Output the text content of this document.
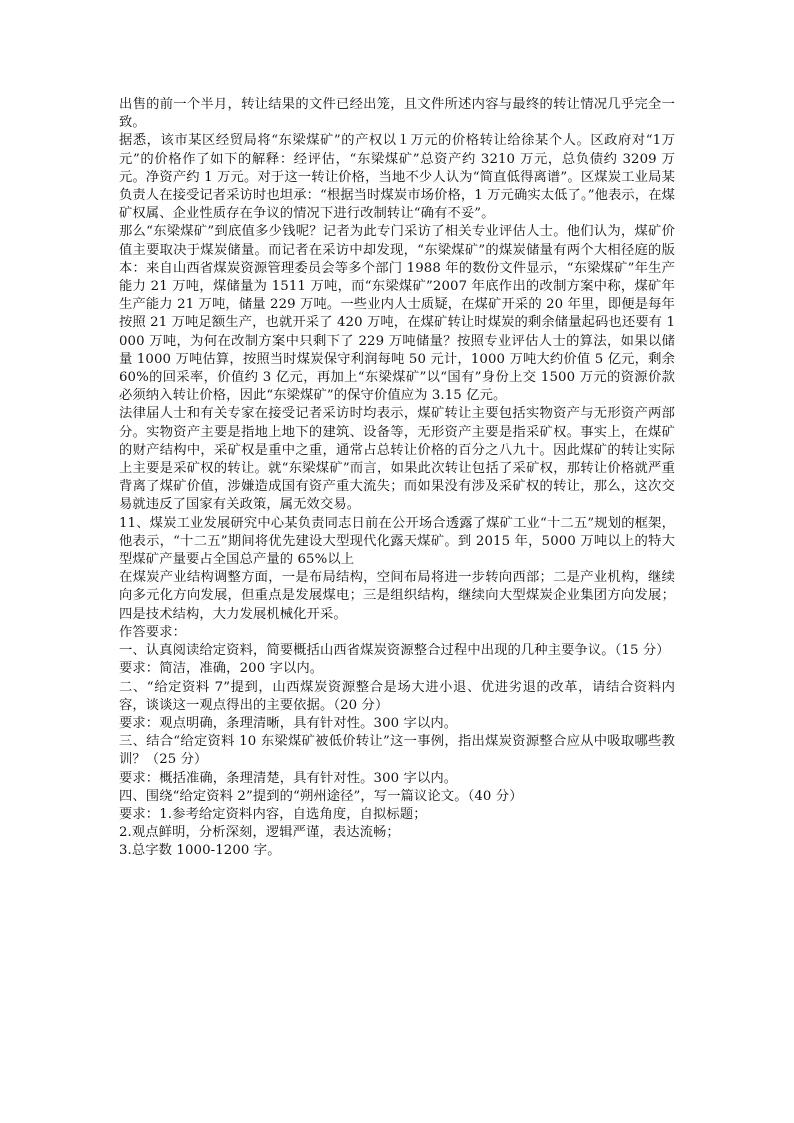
出售的前一个半月，转让结果的文件已经出笼，且文件所述内容与最终的转让情况几乎完全一致。

据悉，该市某区经贸局将“东梁煤矿”的产权以１万元的价格转让给徐某个人。区政府对“1万元”的价格作了如下的解释：经评估，“东梁煤矿”总资产约 3210 万元，总负债约 3209 万元。净资产约 1 万元。对于这一转让价格，当地不少人认为“简直低得离谱”。区煤炭工业局某负责人在接受记者采访时也坦承：“根据当时煤炭市场价格，1 万元确实太低了。”他表示，在煤矿权属、企业性质存在争议的情况下进行改制转让“确有不妥”。

那么“东梁煤矿”到底值多少钱呢？记者为此专门采访了相关专业评估人士。他们认为，煤矿价值主要取决于煤炭储量。而记者在采访中却发现，“东梁煤矿”的煤炭储量有两个大相径庭的版本：来自山西省煤炭资源管理委员会等多个部门 1988 年的数份文件显示，“东梁煤矿”年生产能力 21 万吨，煤储量为 1511 万吨，而“东梁煤矿”2007 年底作出的改制方案中称，煤矿年生产能力 21 万吨，储量 229 万吨。一些业内人士质疑，在煤矿开采的 20 年里，即便是每年按照 21 万吨足额生产，也就开采了 420 万吨，在煤矿转让时煤炭的剩余储量起码也还要有 1000 万吨，为何在改制方案中只剩下了 229 万吨储量？按照专业评估人士的算法，如果以储量 1000 万吨估算，按照当时煤炭保守利润每吨 50 元计，1000 万吨大约价值 5 亿元，剩余 60%的回采率，价值约 3 亿元，再加上“东梁煤矿”以“国有”身份上交 1500 万元的资源价款必须纳入转让价格，因此“东梁煤矿”的保守价值应为 3.15 亿元。

法律届人士和有关专家在接受记者采访时均表示，煤矿转让主要包括实物资产与无形资产两部分。实物资产主要是指地上地下的建筑、设备等，无形资产主要是指采矿权。事实上，在煤矿的财产结构中，采矿权是重中之重，通常占总转让价格的百分之八九十。因此煤矿的转让实际上主要是采矿权的转让。就“东梁煤矿”而言，如果此次转让包括了采矿权，那转让价格就严重背离了煤矿价值，涉嫌造成国有资产重大流失；而如果没有涉及采矿权的转让，那么，这次交易就违反了国家有关政策，属无效交易。

11、煤炭工业发展研究中心某负责同志日前在公开场合透露了煤矿工业“十二五”规划的框架，他表示，“十二五”期间将优先建设大型现代化露天煤矿。到 2015 年，5000 万吨以上的特大型煤矿产量要占全国总产量的 65%以上

在煤炭产业结构调整方面，一是布局结构，空间布局将进一步转向西部；二是产业机构，继续向多元化方向发展，但重点是发展煤电；三是组织结构，继续向大型煤炭企业集团方向发展；四是技术结构，大力发展机械化开采。

作答要求：

一、认真阅读给定资料，简要概括山西省煤炭资源整合过程中出现的几种主要争议。（15 分）

要求：简洁，准确，200 字以内。

二、“给定资料 7”提到，山西煤炭资源整合是场大进小退、优进劣退的改革，请结合资料内容，谈谈这一观点得出的主要依据。（20 分）

要求：观点明确，条理清晰，具有针对性。300 字以内。

三、结合“给定资料 10 东梁煤矿被低价转让”这一事例，指出煤炭资源整合应从中吸取哪些教训？（25 分）

要求：概括准确，条理清楚，具有针对性。300 字以内。

四、围绕“给定资料 2”提到的“朔州途径”，写一篇议论文。（40 分）

要求：1.参考给定资料内容，自选角度，自拟标题；

2.观点鲜明，分析深刻，逻辑严谨，表达流畅；

3.总字数 1000-1200 字。
